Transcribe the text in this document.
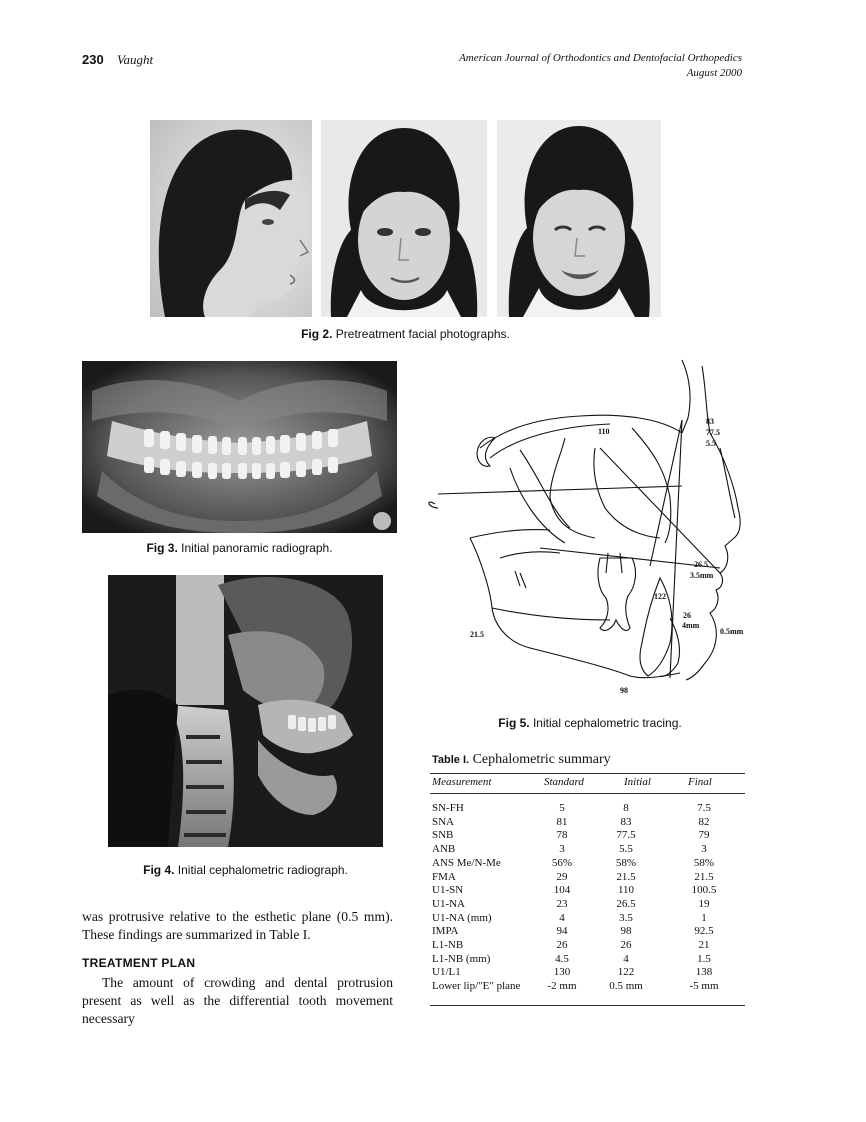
230 Vaught	American Journal of Orthodontics and Dentofacial Orthopedics
August 2000
Fig 2. Pretreatment facial photographs.
Fig 3. Initial panoramic radiograph.
Fig 4. Initial cephalometric radiograph.
110
83
77.5
5.5
26.5
3.5mm
122
26
4mm
0.5mm
21.5
98
Fig 5. Initial cephalometric tracing.
was protrusive relative to the esthetic plane (0.5 mm). These findings are summarized in Table I.
TREATMENT PLAN
The amount of crowding and dental protrusion present as well as the differential tooth movement necessary
Table I. Cephalometric summary
Measurement	Standard	Initial	Final
SN-FH	5	8	7.5
SNA	81	83	82
SNB	78	77.5	79
ANB	3	5.5	3
ANS Me/N-Me	56%	58%	58%
FMA	29	21.5	21.5
U1-SN	104	110	100.5
U1-NA	23	26.5	19
U1-NA (mm)	4	3.5	1
IMPA	94	98	92.5
L1-NB	26	26	21
L1-NB (mm)	4.5	4	1.5
U1/L1	130	122	138
Lower lip/"E" plane	-2 mm	0.5 mm	-5 mm
